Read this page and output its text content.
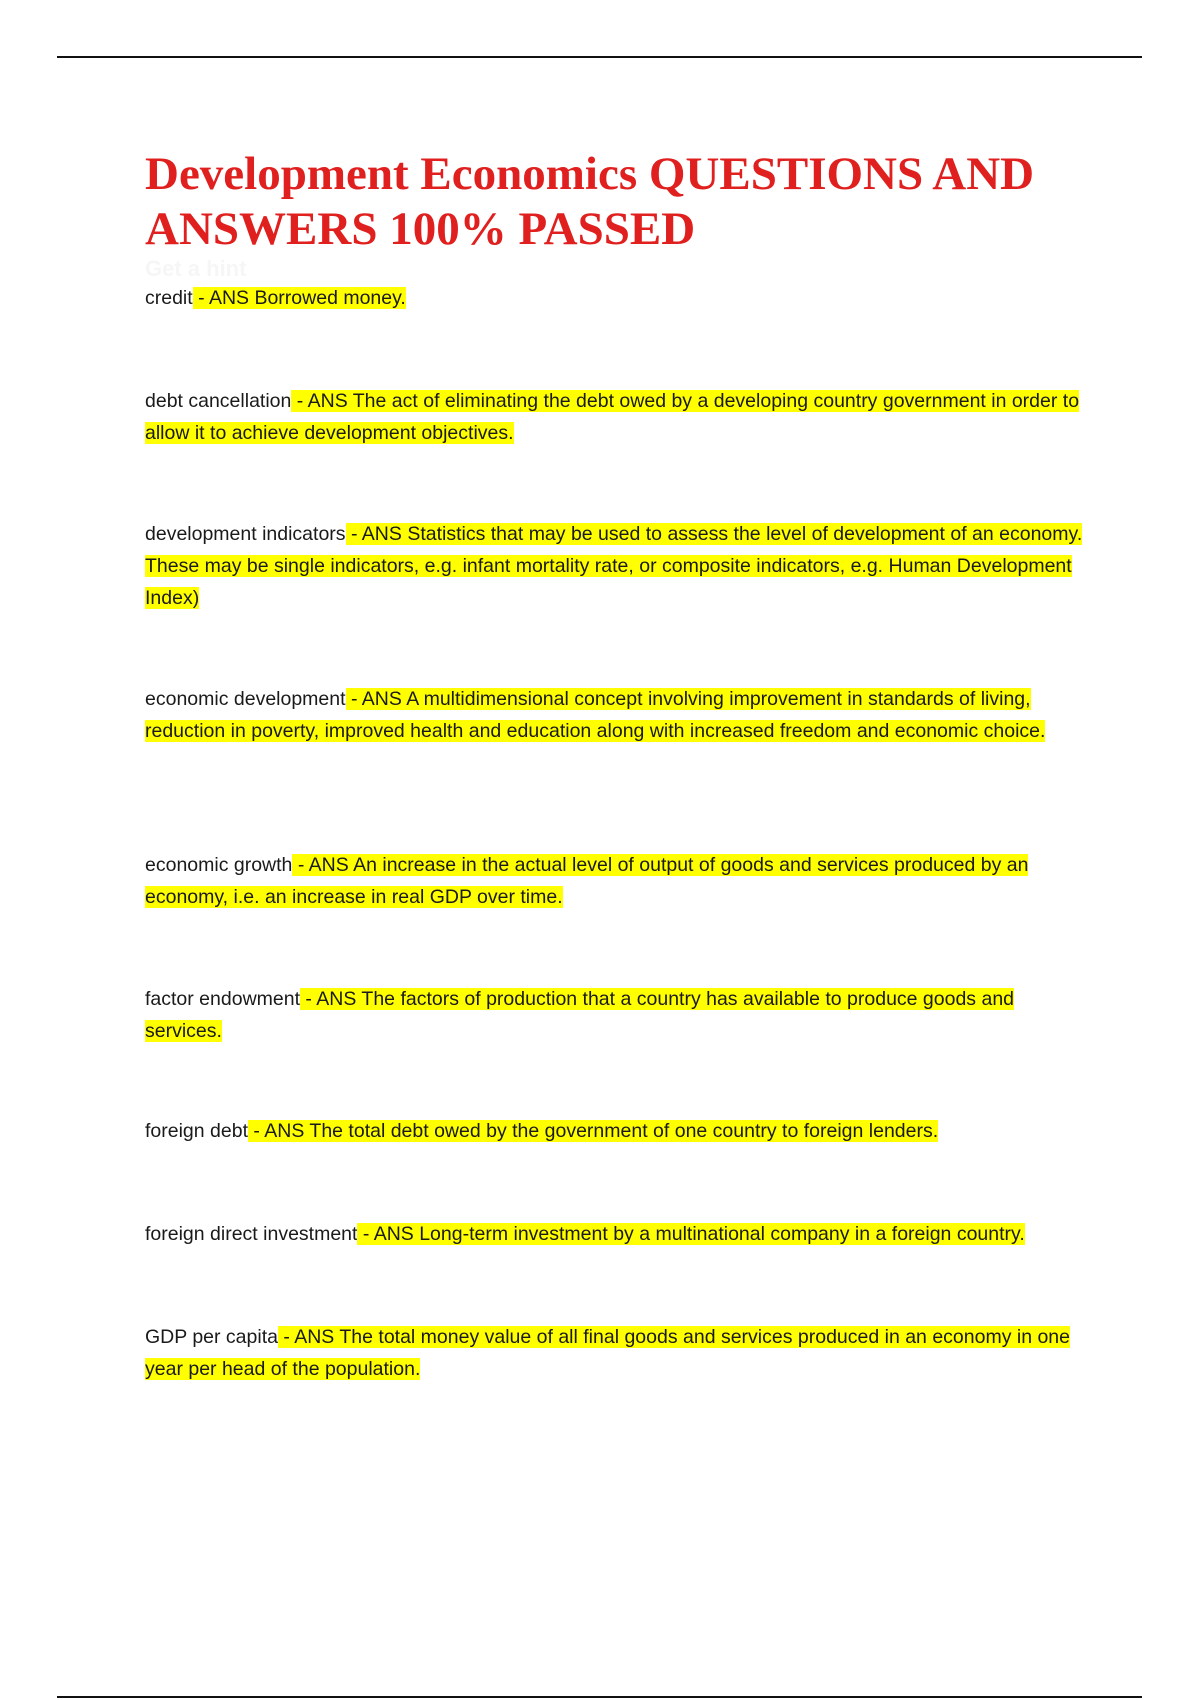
Development Economics QUESTIONS AND ANSWERS 100% PASSED
Get a hint

credit - ANS Borrowed money.

debt cancellation - ANS The act of eliminating the debt owed by a developing country government in order to allow it to achieve development objectives.

development indicators - ANS Statistics that may be used to assess the level of development of an economy. These may be single indicators, e.g. infant mortality rate, or composite indicators, e.g. Human Development Index)

economic development - ANS A multidimensional concept involving improvement in standards of living, reduction in poverty, improved health and education along with increased freedom and economic choice.

economic growth - ANS An increase in the actual level of output of goods and services produced by an economy, i.e. an increase in real GDP over time.

factor endowment - ANS The factors of production that a country has available to produce goods and services.

foreign debt - ANS The total debt owed by the government of one country to foreign lenders.

foreign direct investment - ANS Long-term investment by a multinational company in a foreign country.

GDP per capita - ANS The total money value of all final goods and services produced in an economy in one year per head of the population.
